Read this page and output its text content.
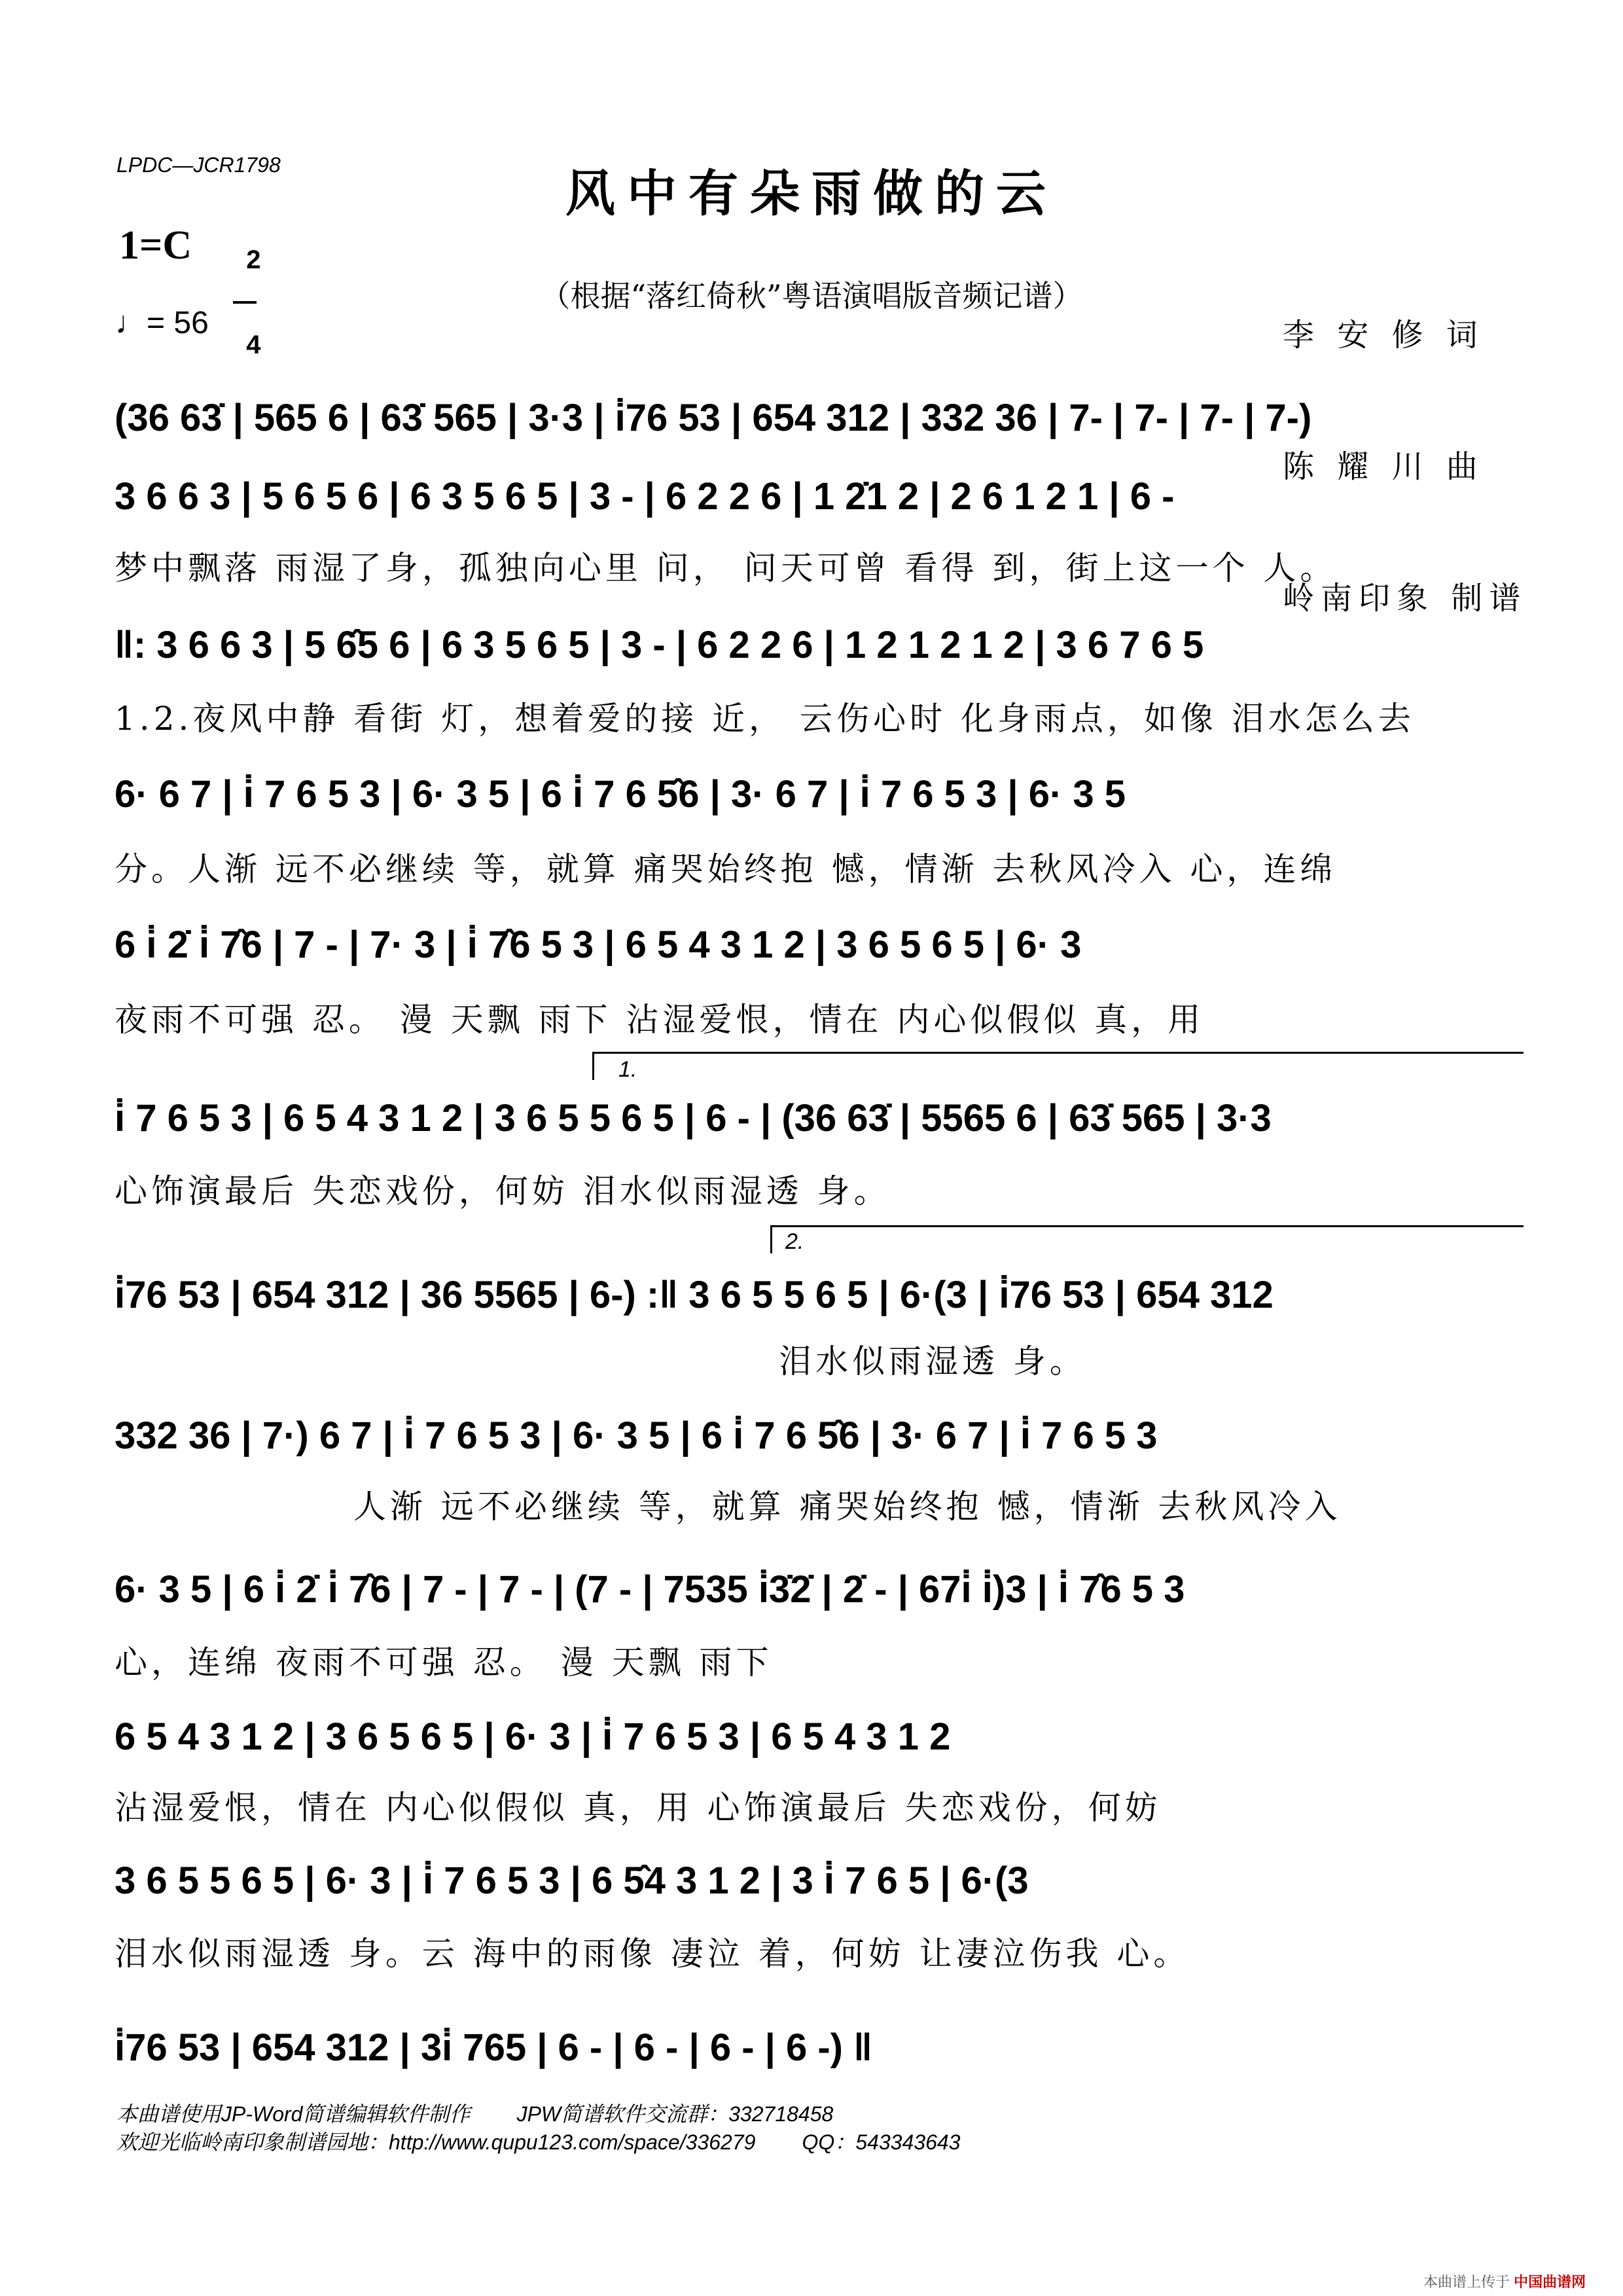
LPDC—JCR1798	风中有朵雨做的云
1=C	2

4

♩= 56
（根据“落红倚秋”粤语演唱版音频记谱）

李 安 修 词

陈 耀 川 曲

岭南印象 制谱

(36 63̇ | 565 6 | 63̇ 565 | 3·3 | i̇76 53 | 654 312 | 332 36 | 7- | 7- | 7- | 7-)
3 6 6 3 | 5 6 5 6 | 6 3 5 6 5 | 3 - | 6 2 2 6 | 1 2̇1 2 | 2 6 1 2 1 | 6 -
梦中飘落 雨湿了身，孤独向心里 问， 问天可曾 看得 到，街上这一个 人。
‖: 3 6 6 3 | 5 6̂5 6 | 6 3 5 6 5 | 3 - | 6 2 2 6 | 1 2 1 2 1 2 | 3 6 7 6 5
1.2.夜风中静 看街 灯，想着爱的接 近， 云伤心时 化身雨点，如像 泪水怎么去
6· 6 7 | i̇ 7 6 5 3 | 6· 3 5 | 6 i̇ 7 6 5̂6 | 3· 6 7 | i̇ 7 6 5 3 | 6· 3 5
分。人渐 远不必继续 等，就算 痛哭始终抱 憾，情渐 去秋风冷入 心，连绵
6 i̇ 2̇ i̇ 7̂6 | 7 - | 7· 3 | i̇ 7̂6 5 3 | 6 5 4 3 1 2 | 3 6 5 6 5 | 6· 3
夜雨不可强 忍。 漫 天飘 雨下 沾湿爱恨，情在 内心似假似 真，用
1.
i̇ 7 6 5 3 | 6 5 4 3 1 2 | 3 6 5 5 6 5 | 6 - | (36 63̇ | 5565 6 | 63̇ 565 | 3·3
心饰演最后 失恋戏份，何妨 泪水似雨湿透 身。
2.
i̇76 53 | 654 312 | 36 5565 | 6-) :‖ 3 6 5 5 6 5 | 6·(3 | i̇76 53 | 654 312
泪水似雨湿透 身。
332 36 | 7·) 6 7 | i̇ 7 6 5 3 | 6· 3 5 | 6 i̇ 7 6 5̂6 | 3· 6 7 | i̇ 7 6 5 3
人渐 远不必继续 等，就算 痛哭始终抱 憾，情渐 去秋风冷入
6· 3 5 | 6 i̇ 2̇ i̇ 7̂6 | 7 - | 7 - | (7 - | 7535 i̇3̇2̇ | 2̇ - | 67i̇ i̇)3 | i̇ 7̂6 5 3
心，连绵 夜雨不可强 忍。 漫 天飘 雨下
6 5 4 3 1 2 | 3 6 5 6 5 | 6· 3 | i̇ 7 6 5 3 | 6 5 4 3 1 2
沾湿爱恨，情在 内心似假似 真，用 心饰演最后 失恋戏份，何妨
3 6 5 5 6 5 | 6· 3 | i̇ 7 6 5 3 | 6 5̂4 3 1 2 | 3 i̇ 7 6 5 | 6·(3
泪水似雨湿透 身。云 海中的雨像 凄泣 着，何妨 让凄泣伤我 心。
i̇76 53 | 654 312 | 3i̇ 765 | 6 - | 6 - | 6 - | 6 -) ‖
本曲谱使用JP-Word简谱编辑软件制作        JPW简谱软件交流群：332718458
欢迎光临岭南印象制谱园地：http://www.qupu123.com/space/336279        QQ：543343643
本曲谱上传于 中国曲谱网
